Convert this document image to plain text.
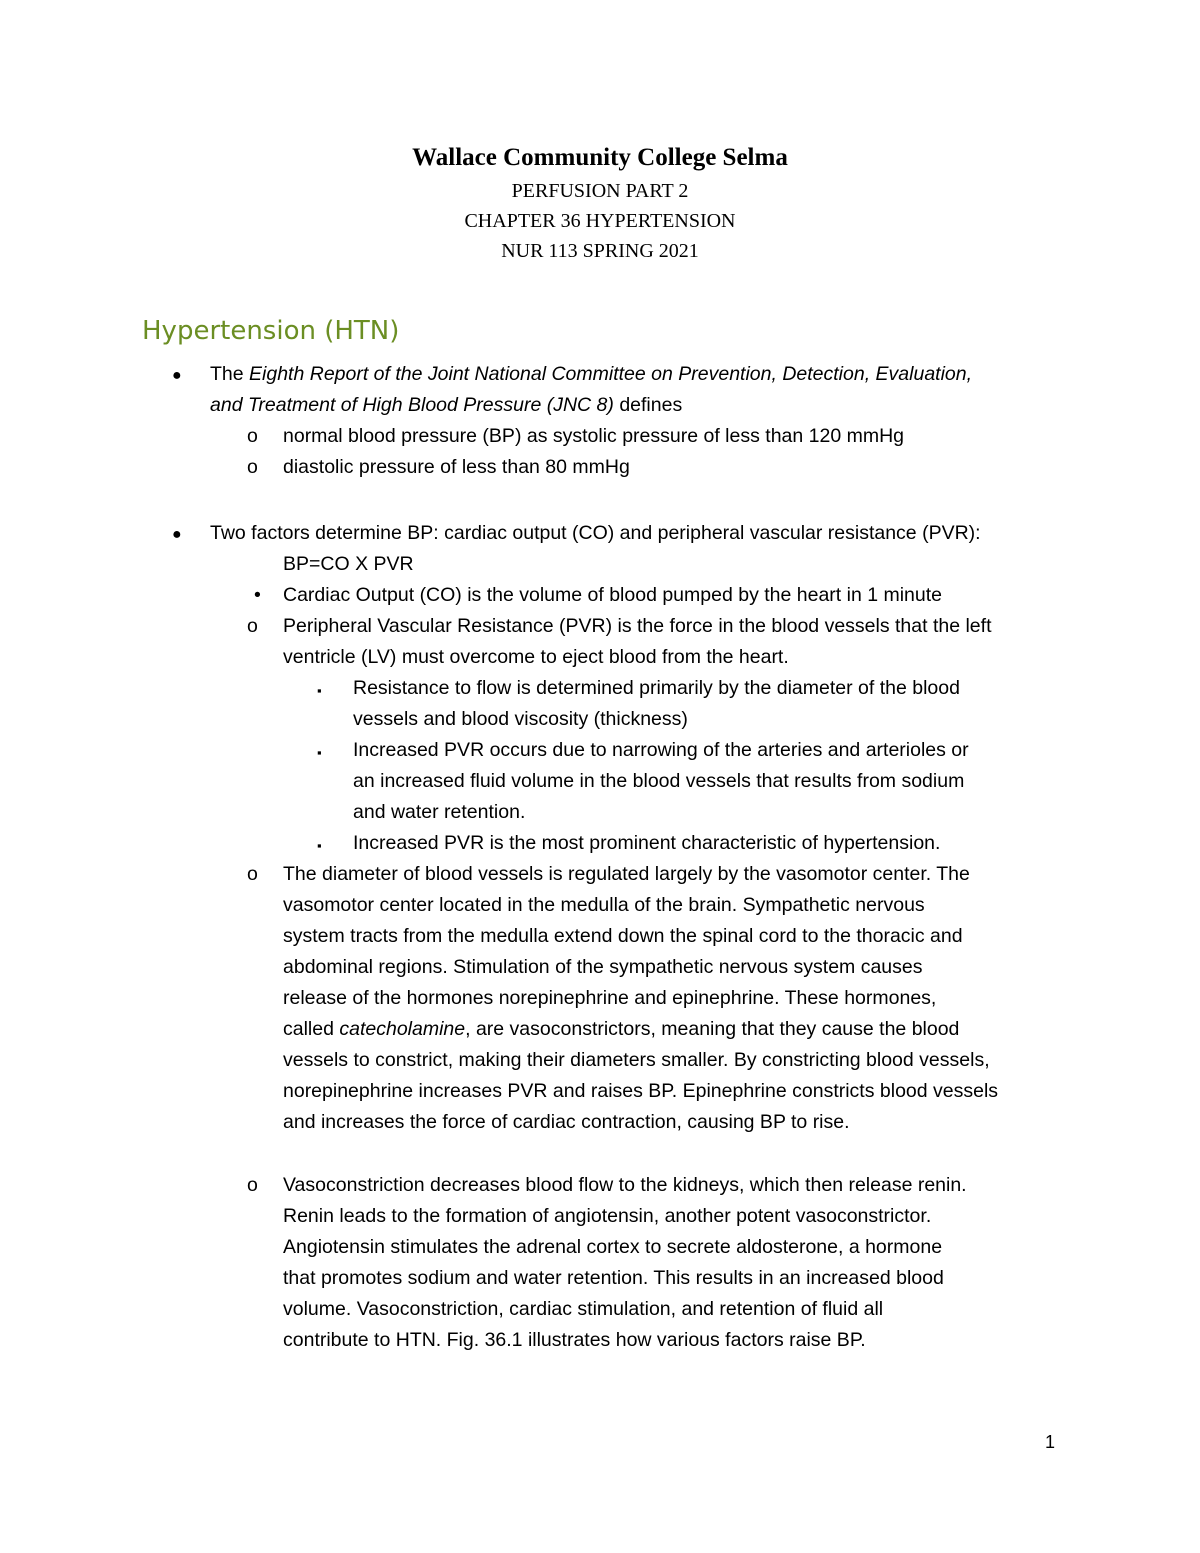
Wallace Community College Selma
PERFUSION PART 2
CHAPTER 36 HYPERTENSION
NUR 113 SPRING 2021
Hypertension (HTN)
● The Eighth Report of the Joint National Committee on Prevention, Detection, Evaluation,
and Treatment of High Blood Pressure (JNC 8) defines
o normal blood pressure (BP) as systolic pressure of less than 120 mmHg
o diastolic pressure of less than 80 mmHg
● Two factors determine BP: cardiac output (CO) and peripheral vascular resistance (PVR):
BP=CO X PVR
• Cardiac Output (CO) is the volume of blood pumped by the heart in 1 minute
o Peripheral Vascular Resistance (PVR) is the force in the blood vessels that the left
ventricle (LV) must overcome to eject blood from the heart.
▪ Resistance to flow is determined primarily by the diameter of the blood
vessels and blood viscosity (thickness)
▪ Increased PVR occurs due to narrowing of the arteries and arterioles or
an increased fluid volume in the blood vessels that results from sodium
and water retention.
▪ Increased PVR is the most prominent characteristic of hypertension.
o The diameter of blood vessels is regulated largely by the vasomotor center. The
vasomotor center located in the medulla of the brain. Sympathetic nervous
system tracts from the medulla extend down the spinal cord to the thoracic and
abdominal regions. Stimulation of the sympathetic nervous system causes
release of the hormones norepinephrine and epinephrine. These hormones,
called catecholamine, are vasoconstrictors, meaning that they cause the blood
vessels to constrict, making their diameters smaller. By constricting blood vessels,
norepinephrine increases PVR and raises BP. Epinephrine constricts blood vessels
and increases the force of cardiac contraction, causing BP to rise.
o Vasoconstriction decreases blood flow to the kidneys, which then release renin.
Renin leads to the formation of angiotensin, another potent vasoconstrictor.
Angiotensin stimulates the adrenal cortex to secrete aldosterone, a hormone
that promotes sodium and water retention. This results in an increased blood
volume. Vasoconstriction, cardiac stimulation, and retention of fluid all
contribute to HTN. Fig. 36.1 illustrates how various factors raise BP.
1
